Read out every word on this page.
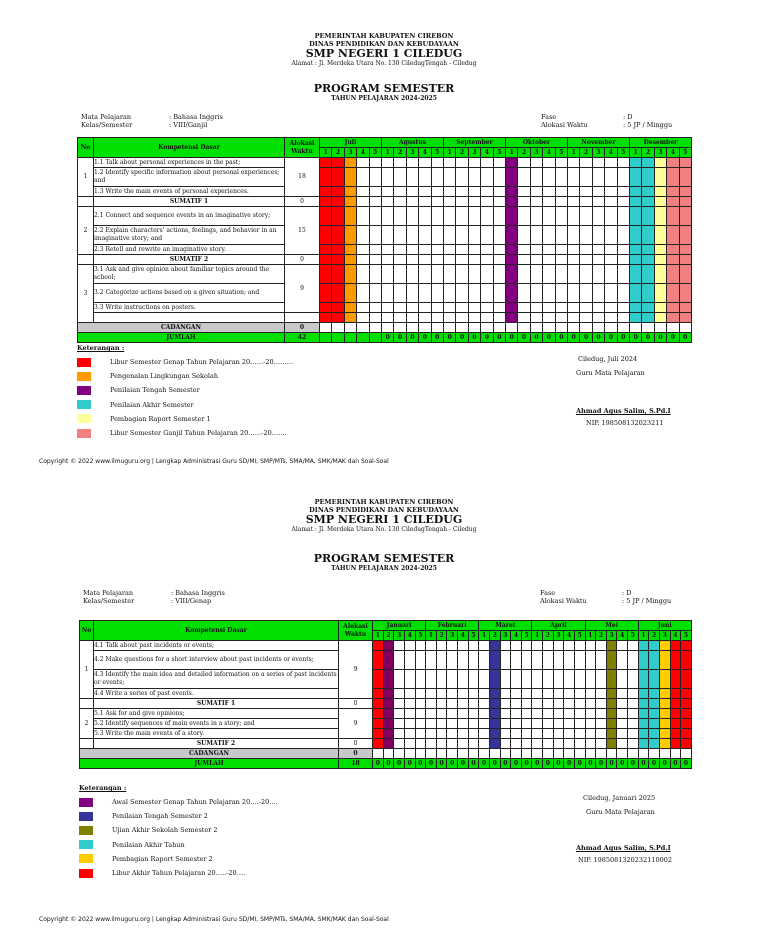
PEMERINTAH KABUPATEN CIREBON
DINAS PENDIDIKAN DAN KEBUDAYAAN
SMP NEGERI 1 CILEDUG
Alamat : Jl. Merdeka Utara No. 130 CiledugTengah - Ciledug
PROGRAM SEMESTER
TAHUN PELAJARAN 2024-2025
Mata Pelajaran	: Bahasa Inggris
Kelas/Semester	: VIII/Ganjil
Fase	: D
Alokasi Waktu	: 5 JP / Minggu
No	Kompetensi Dasar	Alokasi Waktu	Juli					Agustus					September					Oktober					November					Desember				
			1	2	3	4	5	1	2	3	4	5	1	2	3	4	5	1	2	3	4	5	1	2	3	4	5	1	2	3	4	5
1	1.1 Talk about personal experiences in the past;	18																														
	1.2 Identify specific information about personal experiences; and																															
	1.3 Write the main events of personal experiences.																															
	SUMATIF 1	0																														
2	2.1 Connect and sequence events in an imaginative story;	15																														
	2.2 Explain characters' actions, feelings, and behavior in an imaginative story; and																															
	2.3 Retell and rewrite an imaginative story.																															
	SUMATIF 2	0																														
3	3.1 Ask and give opinion about familiar topics around the school;	9																														
	3.2 Categorize actions based on a given situation; and																															
	3.3 Write instructions on posters.																															

CADANGAN		0																														
JUMLAH		42						0	0	0	0	0	0	0	0	0	0	0	0	0	0	0	0	0	0	0	0	0	0	0	0	0
Keterangan :
Libur Semester Genap Tahun Pelajaran 20……-20………
Pengenalan Lingkungan Sekolah
Penilaian Tengah Semester
Penilaian Akhir Semester
Pembagian Raport Semester 1
Libur Semester Ganjil Tahun Pelajaran 20……-20…….
Ciledug, Juli 2024
Guru Mata Pelajaran
Ahmad Agus Salim, S.Pd.I
NIP. 198508132023211
Copyright © 2022 www.ilmuguru.org | Lengkap Administrasi Guru SD/MI, SMP/MTs, SMA/MA, SMK/MAK dan Soal-Soal
PEMERINTAH KABUPATEN CIREBON
DINAS PENDIDIKAN DAN KEBUDAYAAN
SMP NEGERI 1 CILEDUG
Alamat : Jl. Merdeka Utara No. 130 CiledugTengah - Ciledug
PROGRAM SEMESTER
TAHUN PELAJARAN 2024-2025
Mata Pelajaran	: Bahasa Inggris
Kelas/Semester	: VIII/Genap
Fase	: D
Alokasi Waktu	: 5 JP / Minggu
No	Kompetensi Dasar	Alokasi Waktu	Januari					Februari					Maret					April					Mei					Juni				
			1	2	3	4	5	1	2	3	4	5	1	2	3	4	5	1	2	3	4	5	1	2	3	4	5	1	2	3	4	5
1	4.1 Talk about past incidents or events;	9																														
	4.2 Make questions for a short interview about past incidents or events;																															
	4.3 Identify the main idea and detailed information on a series of past incidents or events;																															
	4.4 Write a series of past events.																															
	SUMATIF 1	0																														
2	5.1 Ask for and give opinions;	9																														
	5.2 Identify sequences of main events in a story; and																															
	5.3 Write the main events of a story.																															
	SUMATIF 2	0																														
CADANGAN		0																														
JUMLAH		18	0	0	0	0	0	0	0	0	0	0	0	0	0	0	0	0	0	0	0	0	0	0	0	0	0	0	0	0	0	0
Keterangan :
Awal Semester Genap Tahun Pelajaran 20….-20….
Penilaian Tengah Semester 2
Ujian Akhir Sekolah Semester 2
Penilaian Akhir Tahun
Pembagian Raport Semester 2
Libur Akhir Tahun Pelajaran 20…..-20….
Ciledug, Januari 2025
Guru Mata Pelajaran
Ahmad Agus Salim, S.Pd.I
NIP. 1985081320232110002
Copyright © 2022 www.ilmuguru.org | Lengkap Administrasi Guru SD/MI, SMP/MTs, SMA/MA, SMK/MAK dan Soal-Soal
